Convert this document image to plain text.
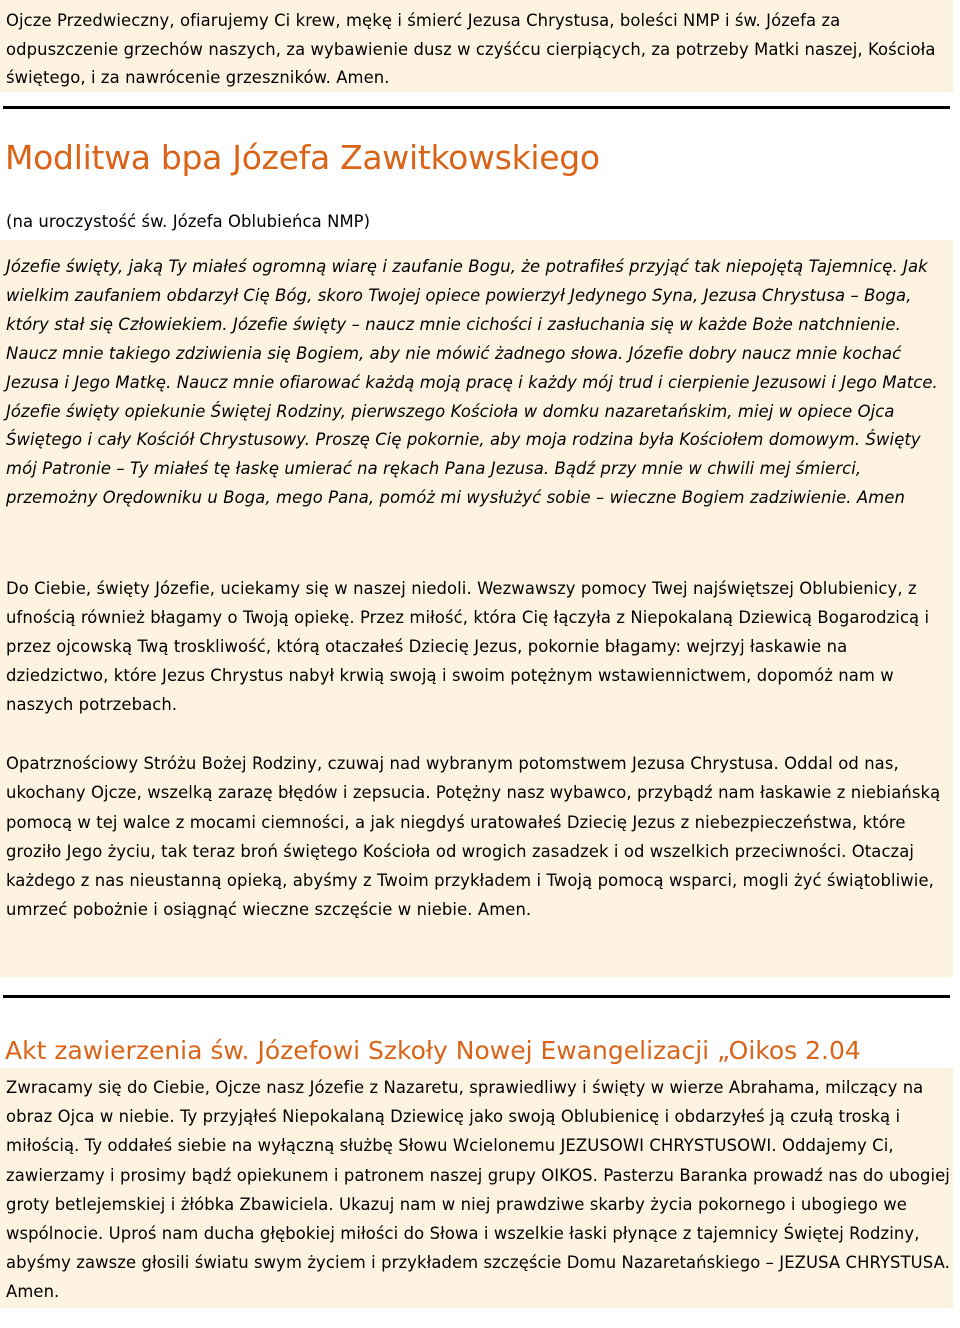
Ojcze Przedwieczny, ofiarujemy Ci krew, mękę i śmierć Jezusa Chrystusa, boleści NMP i św. Józefa za odpuszczenie grzechów naszych, za wybawienie dusz w czyśćcu cierpiących, za potrzeby Matki naszej, Kościoła świętego, i za nawrócenie grzeszników. Amen.

Modlitwa bpa Józefa Zawitkowskiego

(na uroczystość św. Józefa Oblubieńca NMP)

Józefie święty, jaką Ty miałeś ogromną wiarę i zaufanie Bogu, że potrafiłeś przyjąć tak niepojętą Tajemnicę. Jak wielkim zaufaniem obdarzył Cię Bóg, skoro Twojej opiece powierzył Jedynego Syna, Jezusa Chrystusa – Boga, który stał się Człowiekiem. Józefie święty – naucz mnie cichości i zasłuchania się w każde Boże natchnienie. Naucz mnie takiego zdziwienia się Bogiem, aby nie mówić żadnego słowa. Józefie dobry naucz mnie kochać Jezusa i Jego Matkę. Naucz mnie ofiarować każdą moją pracę i każdy mój trud i cierpienie Jezusowi i Jego Matce. Józefie święty opiekunie Świętej Rodziny, pierwszego Kościoła w domku nazaretańskim, miej w opiece Ojca Świętego i cały Kościół Chrystusowy. Proszę Cię pokornie, aby moja rodzina była Kościołem domowym. Święty mój Patronie – Ty miałeś tę łaskę umierać na rękach Pana Jezusa. Bądź przy mnie w chwili mej śmierci, przemożny Orędowniku u Boga, mego Pana, pomóż mi wysłużyć sobie – wieczne Bogiem zadziwienie. Amen

Do Ciebie, święty Józefie, uciekamy się w naszej niedoli. Wezwawszy pomocy Twej najświętszej Oblubienicy, z ufnością również błagamy o Twoją opiekę. Przez miłość, która Cię łączyła z Niepokalaną Dziewicą Bogarodzicą i przez ojcowską Twą troskliwość, którą otaczałeś Dziecię Jezus, pokornie błagamy: wejrzyj łaskawie na dziedzictwo, które Jezus Chrystus nabył krwią swoją i swoim potężnym wstawiennictwem, dopomóż nam w naszych potrzebach.

Opatrznościowy Stróżu Bożej Rodziny, czuwaj nad wybranym potomstwem Jezusa Chrystusa. Oddal od nas, ukochany Ojcze, wszelką zarazę błędów i zepsucia. Potężny nasz wybawco, przybądź nam łaskawie z niebiańską pomocą w tej walce z mocami ciemności, a jak niegdyś uratowałeś Dziecię Jezus z niebezpieczeństwa, które groziło Jego życiu, tak teraz broń świętego Kościoła od wrogich zasadzek i od wszelkich przeciwności. Otaczaj każdego z nas nieustanną opieką, abyśmy z Twoim przykładem i Twoją pomocą wsparci, mogli żyć świątobliwie, umrzeć pobożnie i osiągnąć wieczne szczęście w niebie. Amen.

Akt zawierzenia św. Józefowi Szkoły Nowej Ewangelizacji „Oikos 2.04

Zwracamy się do Ciebie, Ojcze nasz Józefie z Nazaretu, sprawiedliwy i święty w wierze Abrahama, milczący na obraz Ojca w niebie. Ty przyjąłeś Niepokalaną Dziewicę jako swoją Oblubienicę i obdarzyłeś ją czułą troską i miłością. Ty oddałeś siebie na wyłączną służbę Słowu Wcielonemu JEZUSOWI CHRYSTUSOWI. Oddajemy Ci, zawierzamy i prosimy bądź opiekunem i patronem naszej grupy OIKOS. Pasterzu Baranka prowadź nas do ubogiej groty betlejemskiej i żłóbka Zbawiciela. Ukazuj nam w niej prawdziwe skarby życia pokornego i ubogiego we wspólnocie. Uproś nam ducha głębokiej miłości do Słowa i wszelkie łaski płynące z tajemnicy Świętej Rodziny, abyśmy zawsze głosili światu swym życiem i przykładem szczęście Domu Nazaretańskiego – JEZUSA CHRYSTUSA. Amen.
